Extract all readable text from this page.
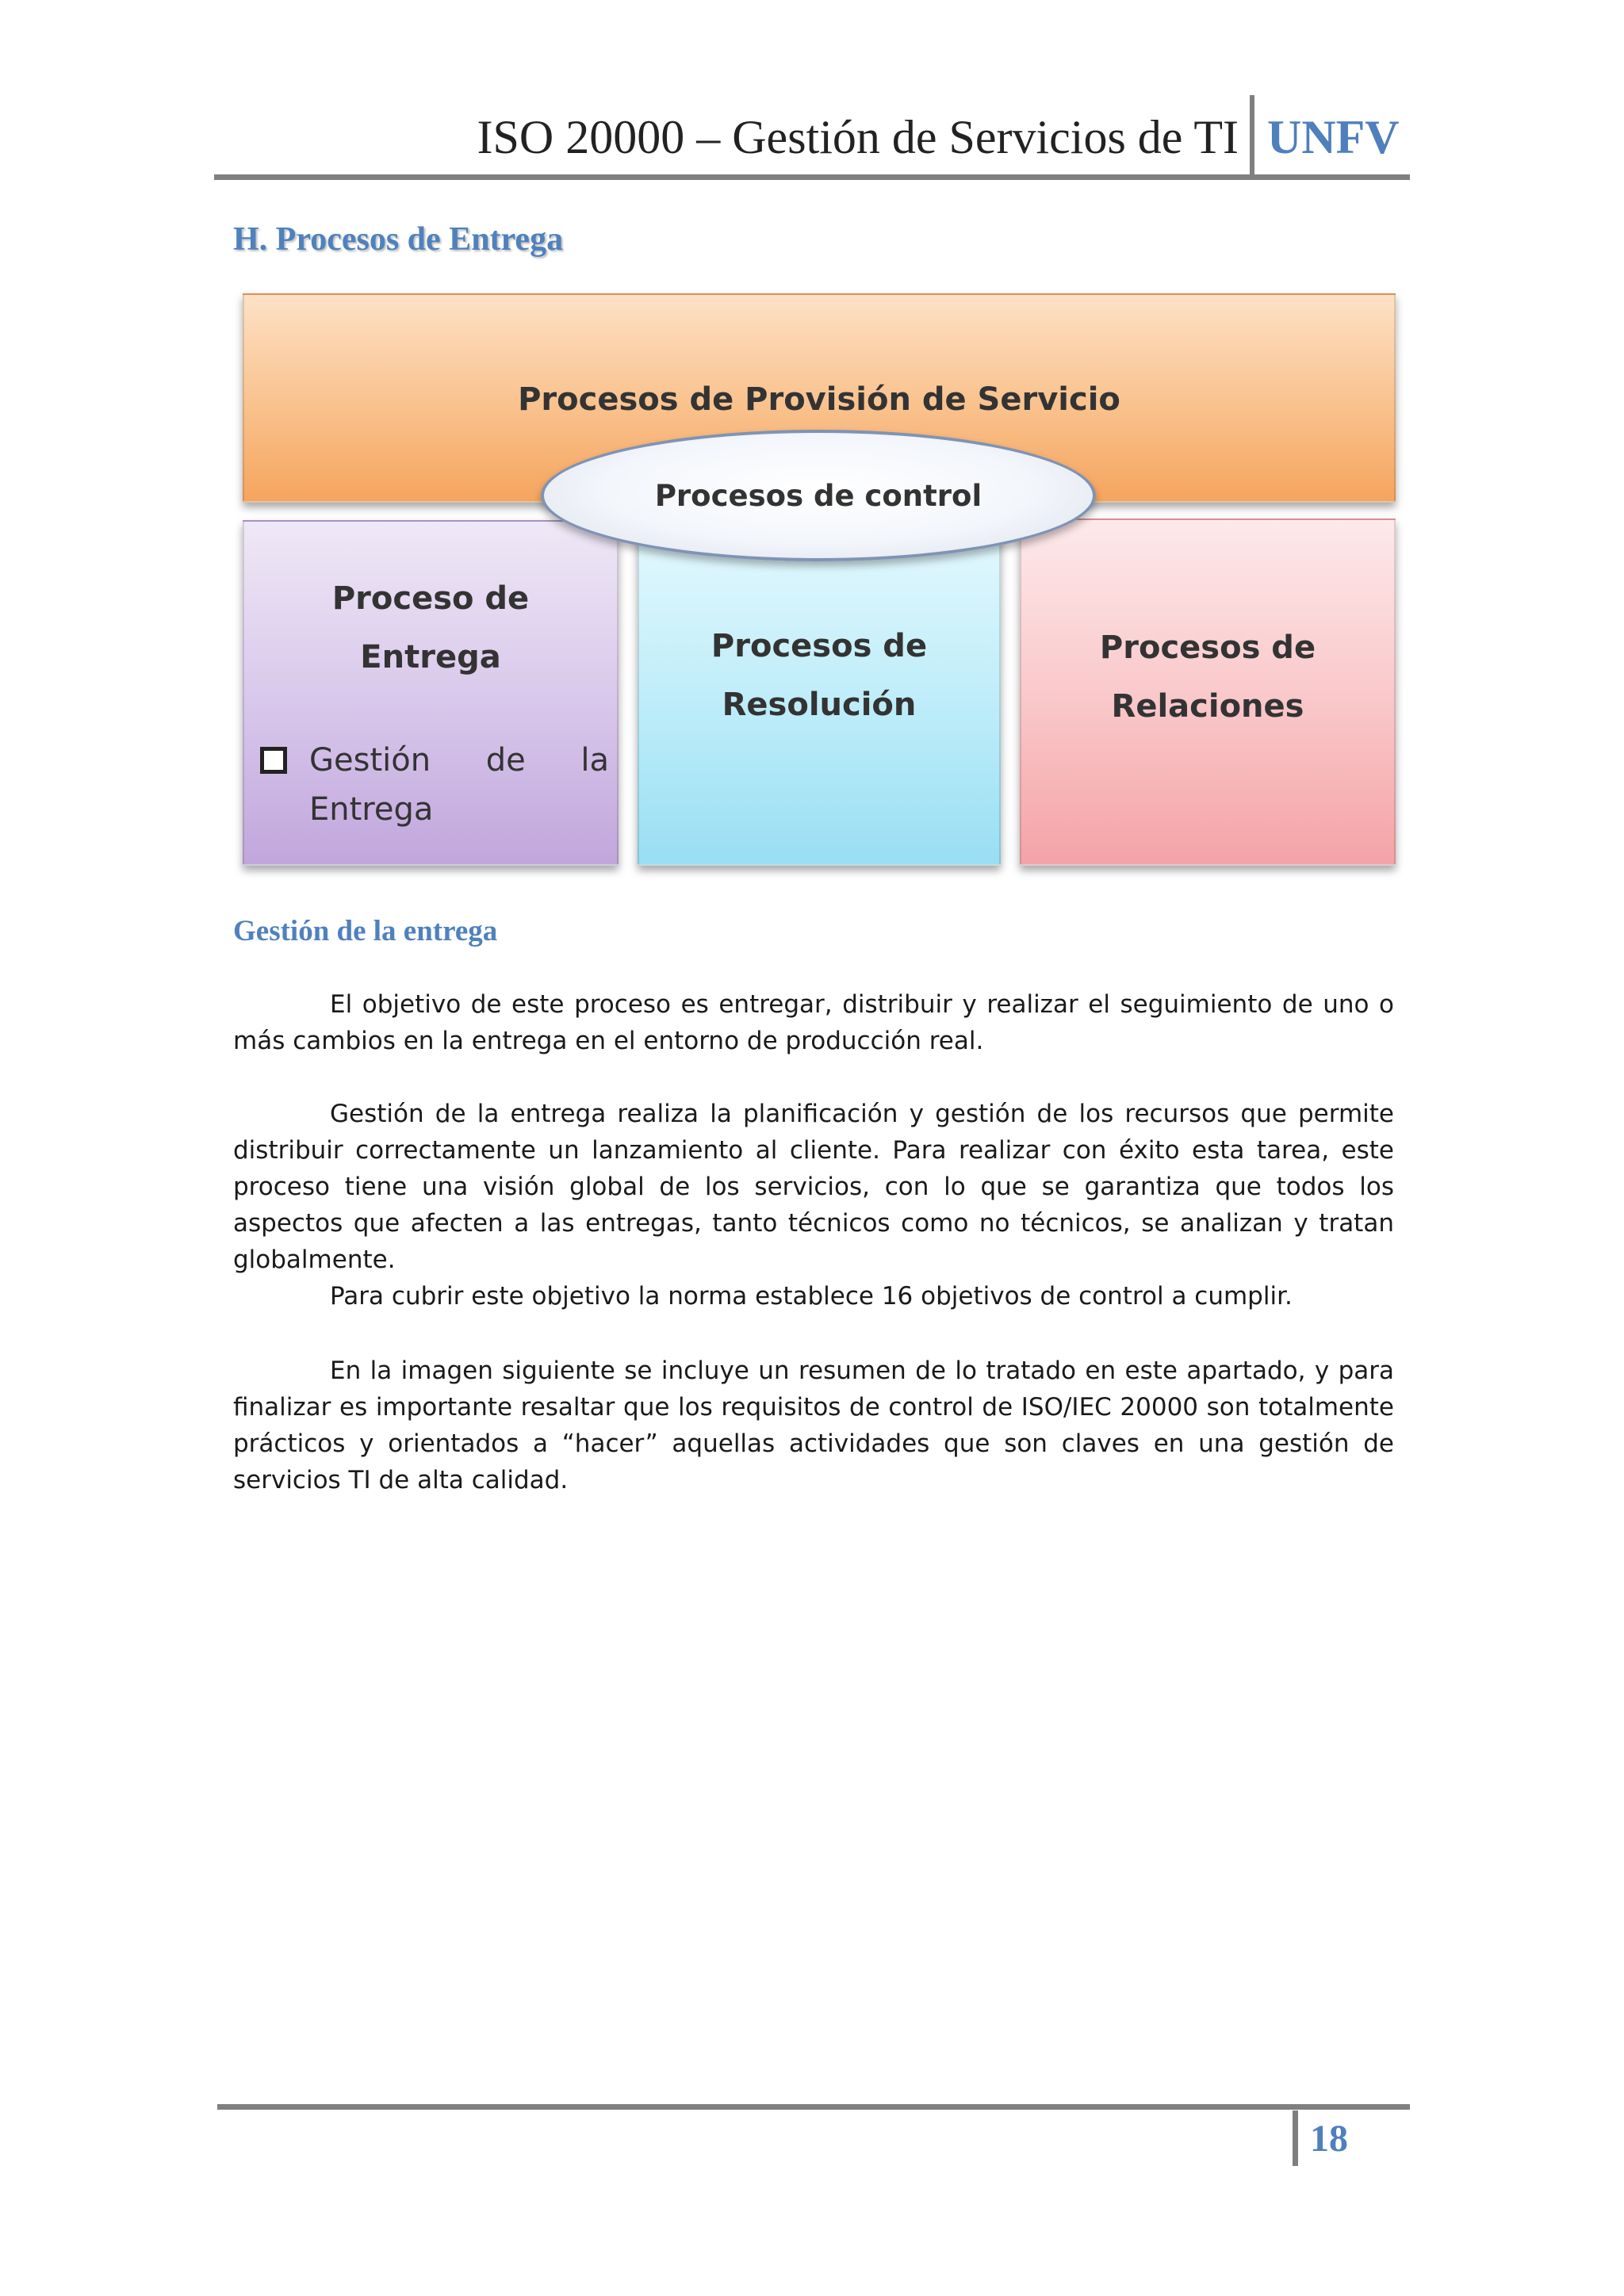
ISO 20000 – Gestión de Servicios de TI UNFV
H. Procesos de Entrega
Procesos de Provisión de Servicio
Proceso de
Entrega
Gestión de la
Entrega
Procesos de
Resolución
Procesos de
Relaciones
Procesos de control
Gestión de la entrega

El objetivo de este proceso es entregar, distribuir y realizar el seguimiento de uno o más cambios en la entrega en el entorno de producción real.

Gestión de la entrega realiza la planificación y gestión de los recursos que permite distribuir correctamente un lanzamiento al cliente. Para realizar con éxito esta tarea, este proceso tiene una visión global de los servicios, con lo que se garantiza que todos los aspectos que afecten a las entregas, tanto técnicos como no técnicos, se analizan y tratan globalmente.

Para cubrir este objetivo la norma establece 16 objetivos de control a cumplir.

En la imagen siguiente se incluye un resumen de lo tratado en este apartado, y para finalizar es importante resaltar que los requisitos de control de ISO/IEC 20000 son totalmente prácticos y orientados a “hacer” aquellas actividades que son claves en una gestión de servicios TI de alta calidad.

18
